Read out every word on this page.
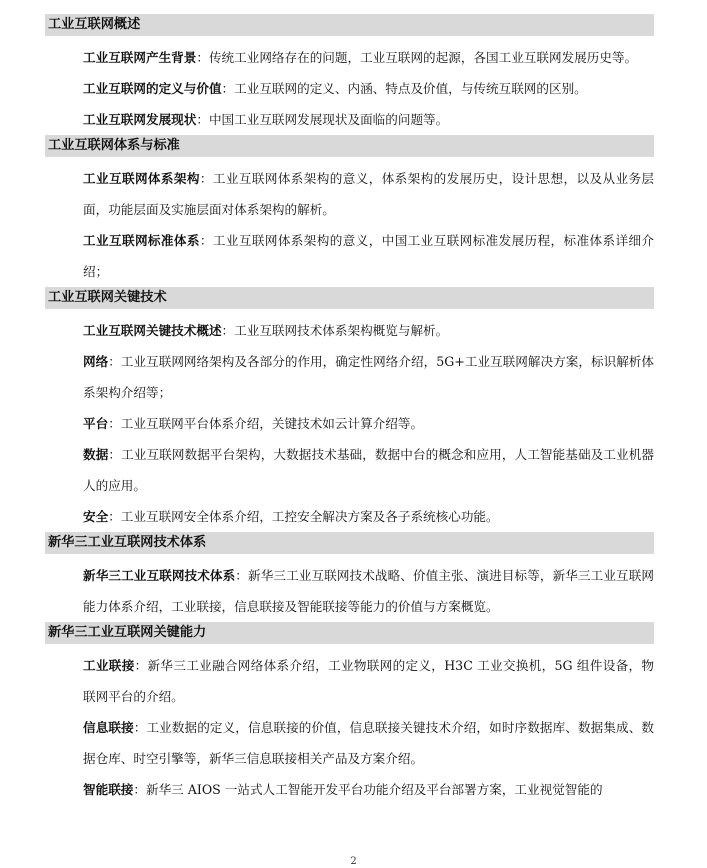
工业互联网概述

工业互联网产生背景：传统工业网络存在的问题，工业互联网的起源，各国工业互联网发展历史等。

工业互联网的定义与价值：工业互联网的定义、内涵、特点及价值，与传统互联网的区别。

工业互联网发展现状：中国工业互联网发展现状及面临的问题等。

工业互联网体系与标准

工业互联网体系架构：工业互联网体系架构的意义，体系架构的发展历史，设计思想，以及从业务层面，功能层面及实施层面对体系架构的解析。

工业互联网标准体系：工业互联网体系架构的意义，中国工业互联网标准发展历程，标准体系详细介绍；

工业互联网关键技术

工业互联网关键技术概述：工业互联网技术体系架构概览与解析。

网络：工业互联网网络架构及各部分的作用，确定性网络介绍，5G+工业互联网解决方案，标识解析体系架构介绍等；

平台：工业互联网平台体系介绍，关键技术如云计算介绍等。

数据：工业互联网数据平台架构，大数据技术基础，数据中台的概念和应用，人工智能基础及工业机器人的应用。

安全：工业互联网安全体系介绍，工控安全解决方案及各子系统核心功能。

新华三工业互联网技术体系

新华三工业互联网技术体系：新华三工业互联网技术战略、价值主张、演进目标等，新华三工业互联网能力体系介绍，工业联接，信息联接及智能联接等能力的价值与方案概览。

新华三工业互联网关键能力

工业联接：新华三工业融合网络体系介绍，工业物联网的定义，H3C 工业交换机，5G 组件设备，物联网平台的介绍。

信息联接：工业数据的定义，信息联接的价值，信息联接关键技术介绍，如时序数据库、数据集成、数据仓库、时空引擎等，新华三信息联接相关产品及方案介绍。

智能联接：新华三 AIOS 一站式人工智能开发平台功能介绍及平台部署方案，工业视觉智能的

2
